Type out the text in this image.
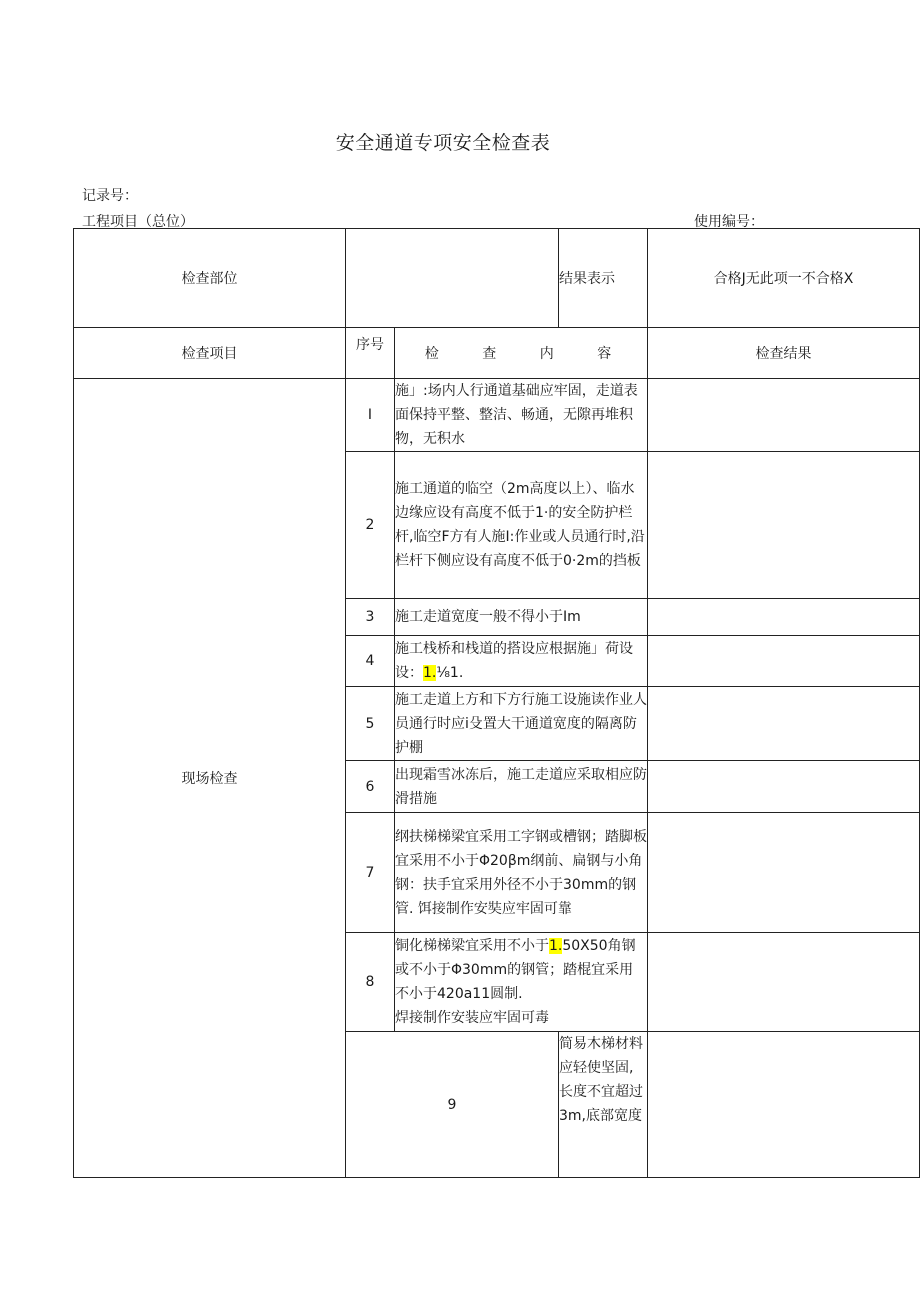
安全通道专项安全检查表
记录号：
工程项目（总位）	使用编号：
检查部位			结果表示	合格J无此项一不合格X
检查项目	序号	检 查 内 容		检查结果
现场检查	I	施」:场内人行通道基础应牢固，走道表面保持平整、整洁、畅通，无隙再堆积物，无积水		
	2	施工通道的临空（2m高度以上）、临水边缘应设有高度不低于1·的安全防护栏杆,临空F方有人施I:作业或人员通行时,沿栏杆下侧应设有高度不低于0·2m的挡板		
	3	施工走道宽度一般不得小于Im		
	4	施工栈桥和栈道的搭设应根据施」荷设设：1.⅛1.		
	5	施工走道上方和下方行施工设施读作业人员通行时应i殳置大干通道宽度的隔离防护棚		
	6	出现霜雪冰冻后，施工走道应采取相应防滑措施		
	7	纲扶梯梯梁宜采用工字钢或槽钢；踏脚板宜采用不小于Φ20βm纲前、扁钢与小角钢：扶手宜采用外径不小于30mm的钢管. 饵接制作安奘应牢固可靠		
	8	铜化梯梯梁宜采用不小于1.50X50角钢或不小于Φ30mm的钢管；踏棍宜采用不小于420a11圆制.
焊接制作安装应牢固可毒		
	9		简易木梯材料应轻使坚固,长度不宜超过3m,底部宽度	
